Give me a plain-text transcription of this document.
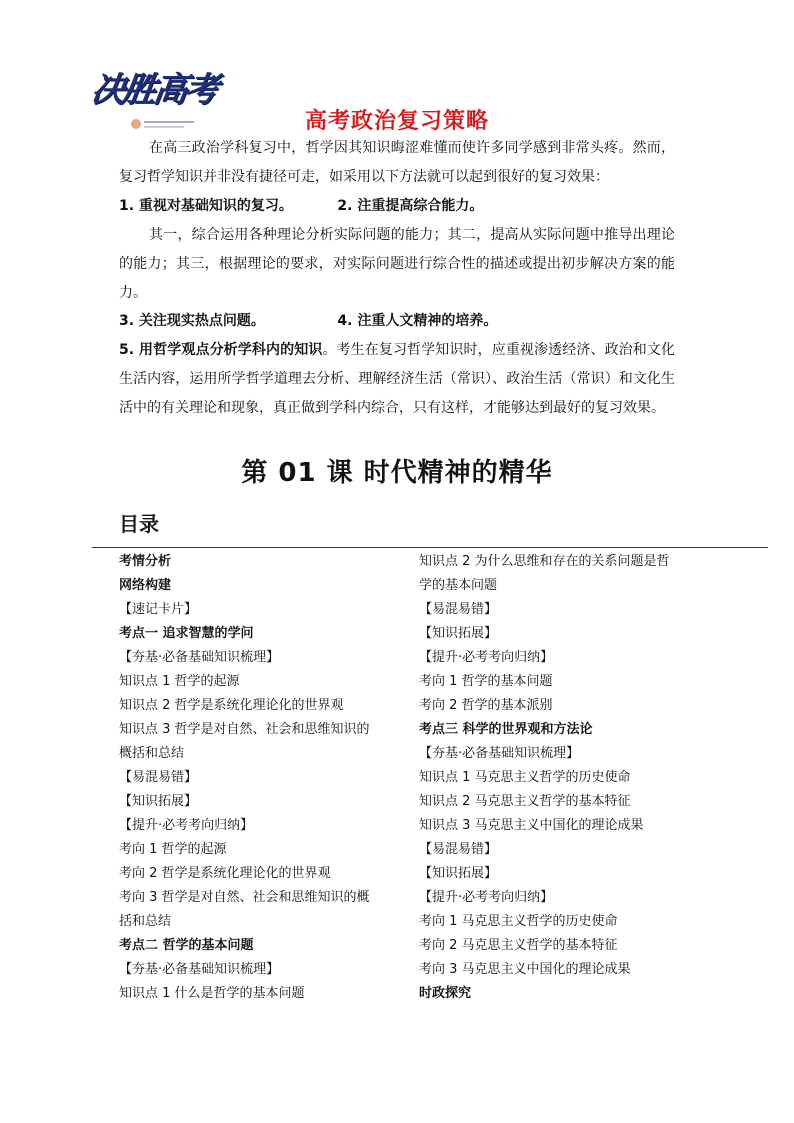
决胜高考
高考政治复习策略
在高三政治学科复习中，哲学因其知识晦涩难懂而使许多同学感到非常头疼。然而，复习哲学知识并非没有捷径可走，如采用以下方法就可以起到很好的复习效果：
1. 重视对基础知识的复习。	2. 注重提高综合能力。
其一，综合运用各种理论分析实际问题的能力；其二，提高从实际问题中推导出理论的能力；其三，根据理论的要求，对实际问题进行综合性的描述或提出初步解决方案的能力。
3. 关注现实热点问题。	4. 注重人文精神的培养。
5. 用哲学观点分析学科内的知识。考生在复习哲学知识时，应重视渗透经济、政治和文化生活内容，运用所学哲学道理去分析、理解经济生活（常识）、政治生活（常识）和文化生活中的有关理论和现象，真正做到学科内综合，只有这样，才能够达到最好的复习效果。
第 01 课 时代精神的精华
目录
考情分析
网络构建
【速记卡片】
考点一 追求智慧的学问
【夯基·必备基础知识梳理】
知识点 1 哲学的起源
知识点 2 哲学是系统化理论化的世界观
知识点 3 哲学是对自然、社会和思维知识的概括和总结
【易混易错】
【知识拓展】
【提升·必考考向归纳】
考向 1 哲学的起源
考向 2 哲学是系统化理论化的世界观
考向 3 哲学是对自然、社会和思维知识的概括和总结
考点二 哲学的基本问题
【夯基·必备基础知识梳理】
知识点 1 什么是哲学的基本问题
知识点 2 为什么思维和存在的关系问题是哲学的基本问题
【易混易错】
【知识拓展】
【提升·必考考向归纳】
考向 1 哲学的基本问题
考向 2 哲学的基本派别
考点三 科学的世界观和方法论
【夯基·必备基础知识梳理】
知识点 1 马克思主义哲学的历史使命
知识点 2 马克思主义哲学的基本特征
知识点 3 马克思主义中国化的理论成果
【易混易错】
【知识拓展】
【提升·必考考向归纳】
考向 1 马克思主义哲学的历史使命
考向 2 马克思主义哲学的基本特征
考向 3 马克思主义中国化的理论成果
时政探究
